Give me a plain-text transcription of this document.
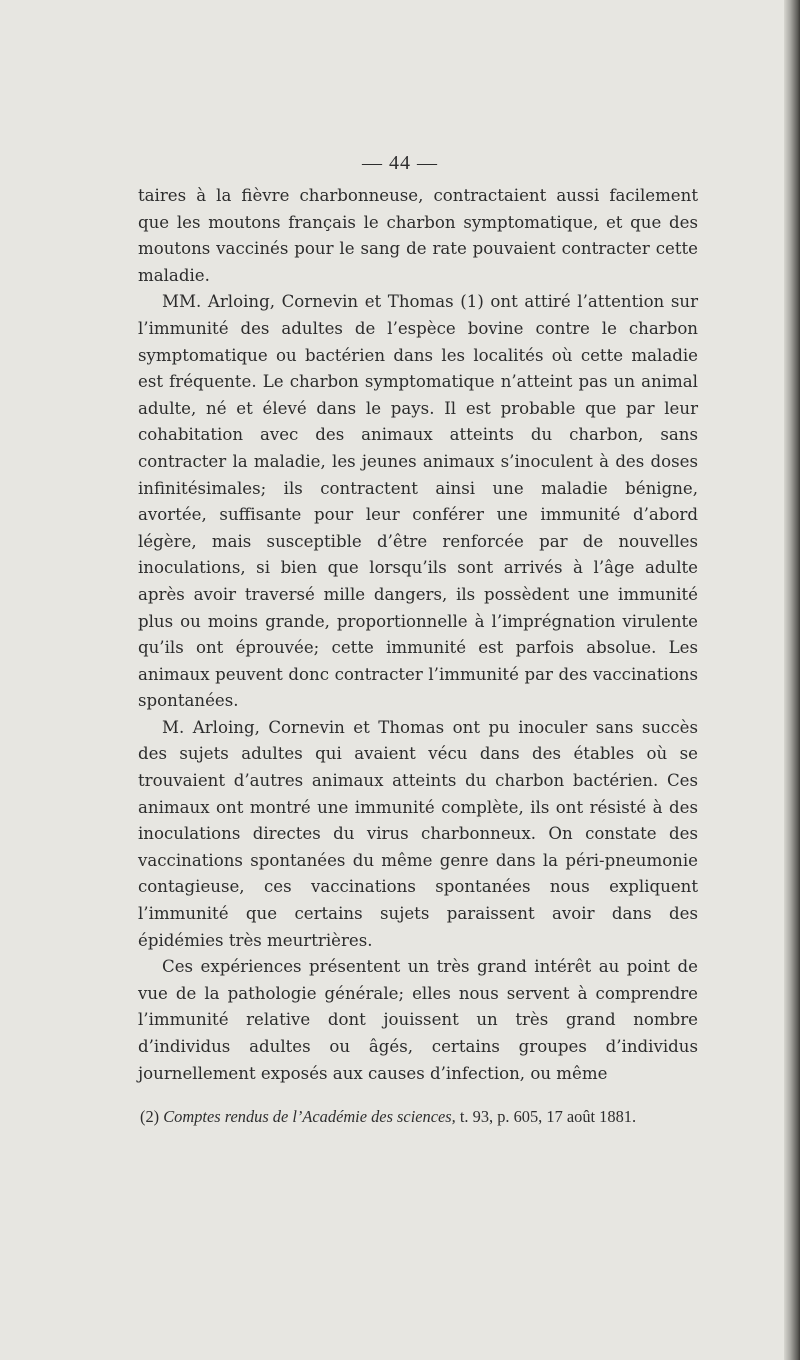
— 44 —

taires à la fièvre charbonneuse, contractaient aussi facilement que les moutons français le charbon symptomatique, et que des moutons vaccinés pour le sang de rate pouvaient contracter cette maladie.

MM. Arloing, Cornevin et Thomas (1) ont attiré l’attention sur l’immunité des adultes de l’espèce bovine contre le charbon symptomatique ou bactérien dans les localités où cette maladie est fréquente. Le charbon symptomatique n’atteint pas un animal adulte, né et élevé dans le pays. Il est probable que par leur cohabitation avec des animaux atteints du charbon, sans contracter la maladie, les jeunes animaux s’inoculent à des doses infinitésimales; ils contractent ainsi une maladie bénigne, avortée, suffisante pour leur conférer une immunité d’abord légère, mais susceptible d’être renforcée par de nouvelles inoculations, si bien que lorsqu’ils sont arrivés à l’âge adulte après avoir traversé mille dangers, ils possèdent une immunité plus ou moins grande, proportionnelle à l’imprégnation virulente qu’ils ont éprouvée; cette immunité est parfois absolue. Les animaux peuvent donc contracter l’immunité par des vaccinations spontanées.

M. Arloing, Cornevin et Thomas ont pu inoculer sans succès des sujets adultes qui avaient vécu dans des étables où se trouvaient d’autres animaux atteints du charbon bactérien. Ces animaux ont montré une immunité complète, ils ont résisté à des inoculations directes du virus charbonneux. On constate des vaccinations spontanées du même genre dans la péri-pneumonie contagieuse, ces vaccinations spontanées nous expliquent l’immunité que certains sujets paraissent avoir dans des épidémies très meurtrières.

Ces expériences présentent un très grand intérêt au point de vue de la pathologie générale; elles nous servent à comprendre l’immunité relative dont jouissent un très grand nombre d’individus adultes ou âgés, certains groupes d’individus journellement exposés aux causes d’infection, ou même

(2) Comptes rendus de l’Académie des sciences, t. 93, p. 605, 17 août 1881.
